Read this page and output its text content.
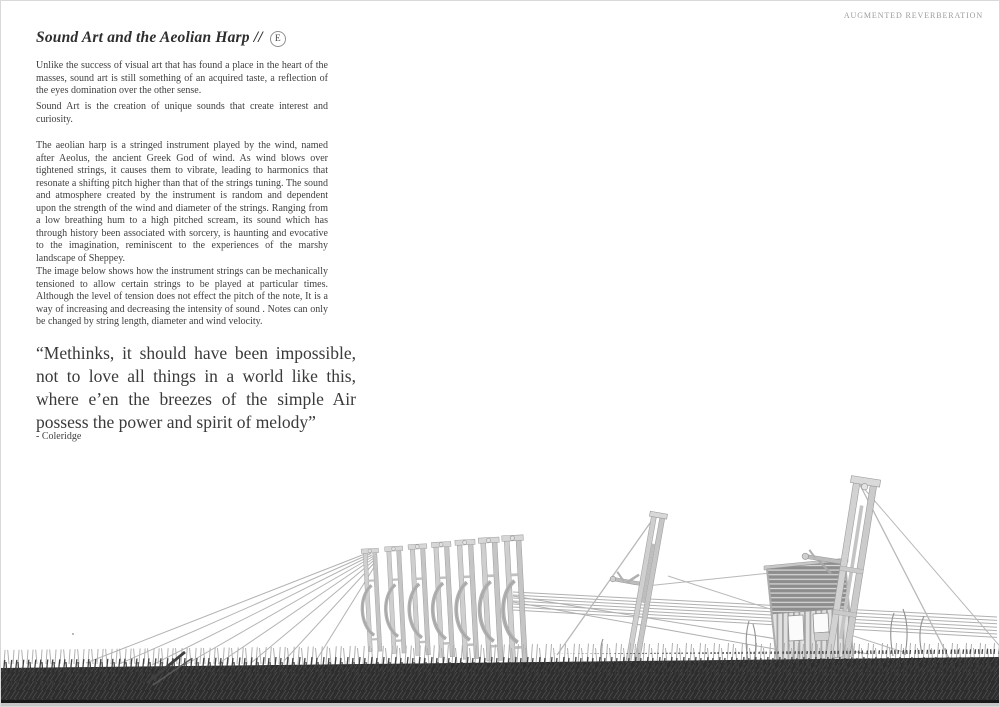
AUGMENTED REVERBERATION
Sound Art and the Aeolian Harp // E

Unlike the success of visual art that has found a place in the heart of the masses, sound art is still something of an acquired taste, a reflection of the eyes domination over the other sense.

Sound Art is the creation of unique sounds that create interest and curiosity.

The aeolian harp is a stringed instrument played by the wind, named after Aeolus, the ancient Greek God of wind. As wind blows over tightened strings, it causes them to vibrate, leading to harmonics that resonate a shifting pitch higher than that of the strings tuning. The sound and atmosphere created by the instrument is random and dependent upon the strength of the wind and diameter of the strings. Ranging from a low breathing hum to a high pitched scream, its sound which has through history been associated with sorcery, is haunting and evocative to the imagination, reminiscent to the experiences of the marshy landscape of Sheppey.

The image below shows how the instrument strings can be mechanically tensioned to allow certain strings to be played at particular times. Although the level of tension does not effect the pitch of the note, It is a way of increasing and decreasing the intensity of sound . Notes can only be changed by string length, diameter and wind velocity.

“Methinks, it should have been impossible, not to love all things in a world like this, where e’en the breezes of the simple Air possess the power and spirit of melody”
- Coleridge
